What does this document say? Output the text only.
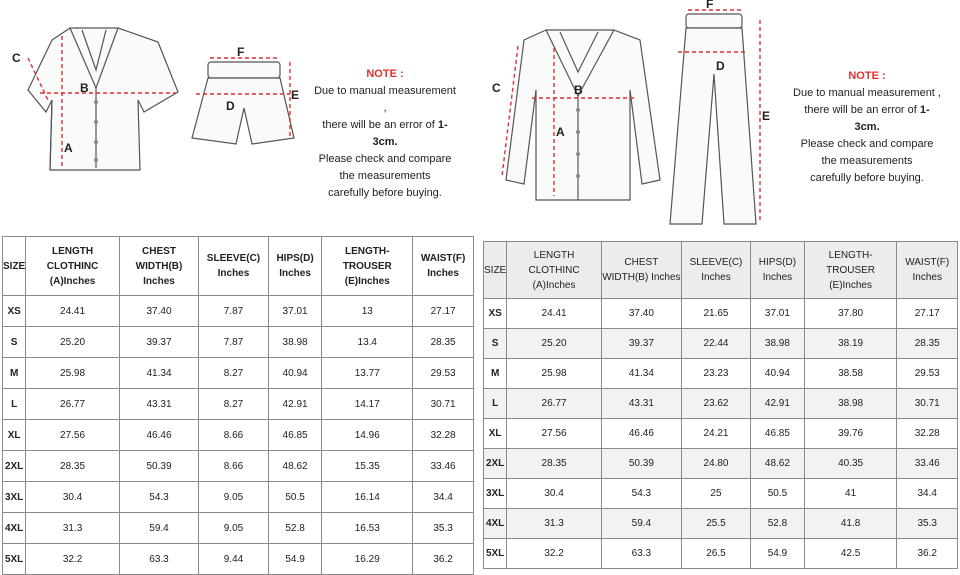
C
B
A
F
D
E
NOTE :
Due to manual measurement ,
there will be an error of 1-3cm.
Please check and compare
the measurements
carefully before buying.
SIZE	LENGTH CLOTHINC (A)Inches	CHEST WIDTH(B) Inches	SLEEVE(C) Inches	HIPS(D) Inches	LENGTH-TROUSER (E)Inches	WAIST(F) Inches
XS	24.41	37.40	7.87	37.01	13	27.17
S	25.20	39.37	7.87	38.98	13.4	28.35
M	25.98	41.34	8.27	40.94	13.77	29.53
L	26.77	43.31	8.27	42.91	14.17	30.71
XL	27.56	46.46	8.66	46.85	14.96	32.28
2XL	28.35	50.39	8.66	48.62	15.35	33.46
3XL	30.4	54.3	9.05	50.5	16.14	34.4
4XL	31.3	59.4	9.05	52.8	16.53	35.3
5XL	32.2	63.3	9.44	54.9	16.29	36.2
C	B
A
F
D
E
NOTE :
Due to manual measurement ,
there will be an error of 1-3cm.
Please check and compare
the measurements
carefully before buying.
SIZE	LENGTH CLOTHINC (A)Inches	CHEST WIDTH(B) Inches	SLEEVE(C) Inches	HIPS(D) Inches	LENGTH-TROUSER (E)Inches	WAIST(F) Inches
XS	24.41	37.40	21.65	37.01	37.80	27.17
S	25.20	39.37	22.44	38.98	38.19	28.35
M	25.98	41.34	23.23	40.94	38.58	29.53
L	26.77	43.31	23.62	42.91	38.98	30.71
XL	27.56	46.46	24.21	46.85	39.76	32.28
2XL	28.35	50.39	24.80	48.62	40.35	33.46
3XL	30.4	54.3	25	50.5	41	34.4
4XL	31.3	59.4	25.5	52.8	41.8	35.3
5XL	32.2	63.3	26.5	54.9	42.5	36.2
